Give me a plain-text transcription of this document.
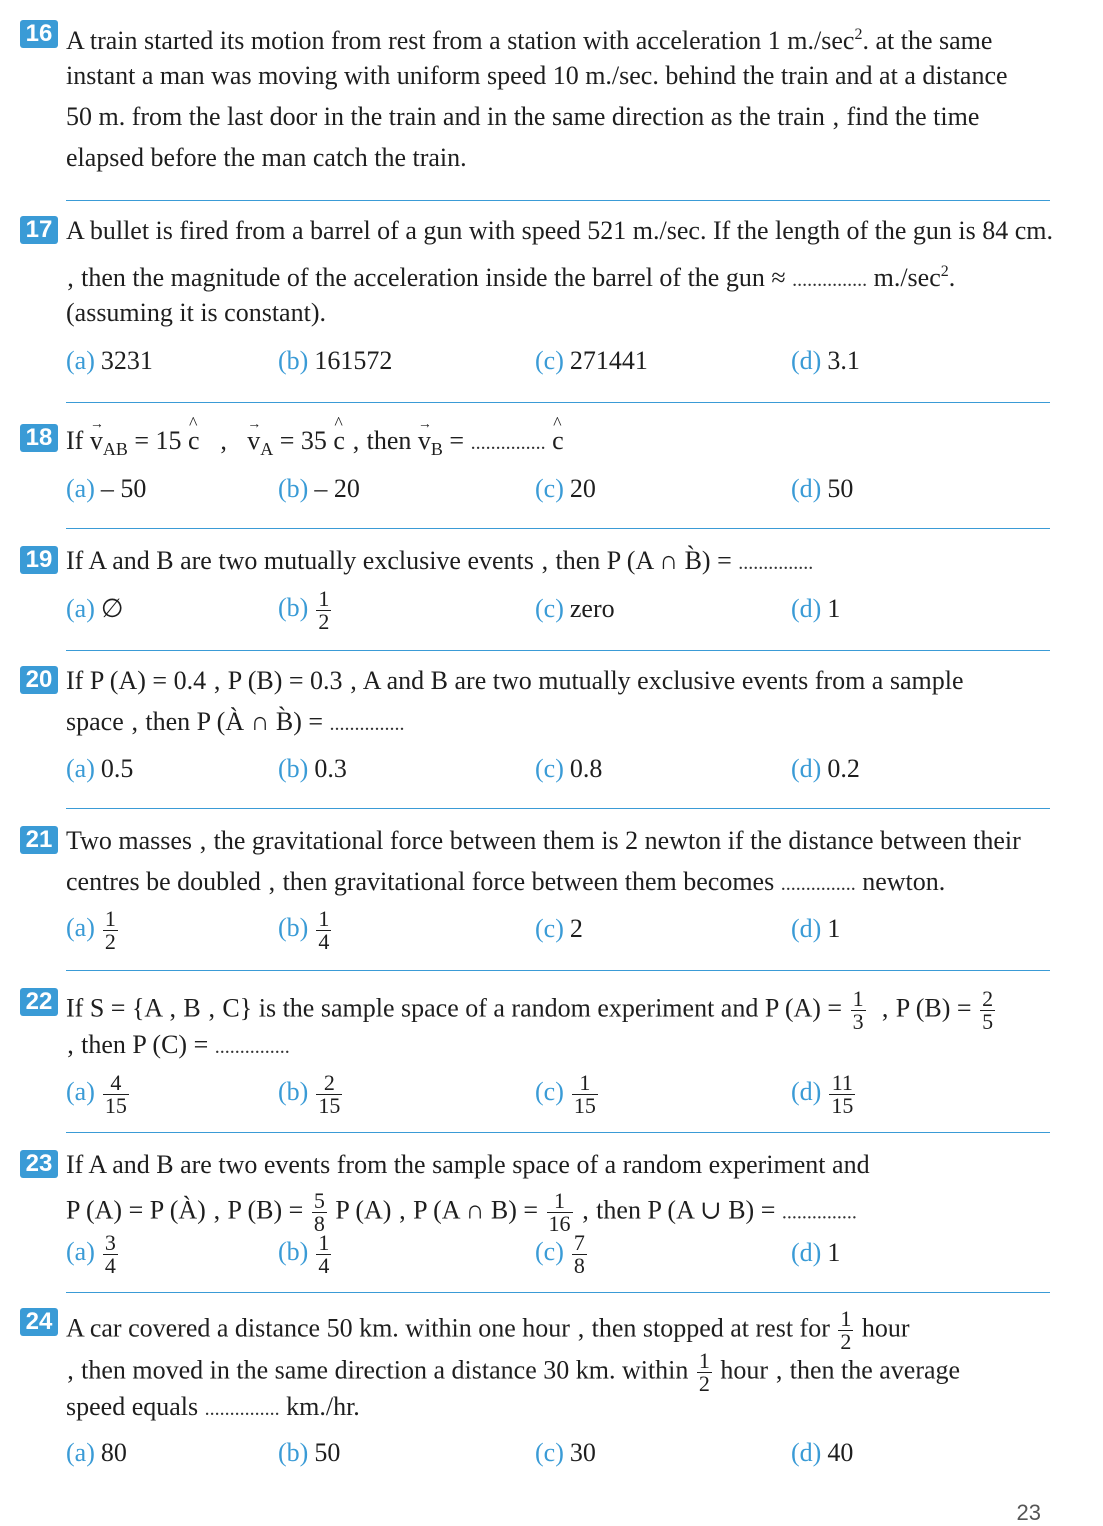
16 A train started its motion from rest from a station with acceleration 1 $m./\sec^2$. at the same
instant a man was moving with uniform speed 10 m./sec. behind the train and at a distance
50 m. from the last door in the train and in the same direction as the train ‚ find the time
elapsed before the man catch the train.
17 A bullet is fired from a barrel of a gun with speed 521 m./sec. If the length of the gun is 84 cm.
‚ then the magnitude of the acceleration inside the barrel of the gun ≈ ............... $m./\sec^2$.
(assuming it is constant).
(a) 3231	(b) 161572	(c) 271441	(d) 3.1
18 $If \to v_{AB} = 15$ ^ c ‚ → $v_A = 35$ ^ c ‚ then → $v_B$ = ............... ^ c
(a) – 50	(b) – 20	(c) 20	(d) 50
19 If A and B are two mutually exclusive events ‚ then P (A ∩ B̀) = ...............
(a) ∅	$(b) \frac{1}{2}$	(c) zero	(d) 1
20 If P (A) = 0.4 ‚ P (B) = 0.3 ‚ A and B are two mutually exclusive events from a sample
space ‚ then P (À ∩ B̀) = ...............
(a) 0.5	(b) 0.3	(c) 0.8	(d) 0.2
21 Two masses ‚ the gravitational force between them is 2 newton if the distance between their
centres be doubled ‚ then gravitational force between them becomes ............... newton.
$(a) \frac{1}{2}$	$(b) \frac{1}{4}$	(c) 2	(d) 1
22 If S = {A ‚ B ‚ C} is the sample space of a random experiment and P $(A) = \frac{1}{3}$ ‚ P $(B) = \frac{2}{5}$
‚ then P (C) = ...............
$(a) \frac{4}{15}$	$(b) \frac{2}{15}$	$(c) \frac{1}{15}$	$(d) \frac{11}{15}$
23 If A and B are two events from the sample space of a random experiment and
P (A) = P (À) ‚ P $(B) = \frac{5}{8}$ P (A) ‚ P (A ∩ $B) = \frac{1}{16}$ ‚ then P (A ∪ B) = ...............
$(a) \frac{3}{4}$	$(b) \frac{1}{4}$	$(c) \frac{7}{8}$	(d) 1
24 A car covered a distance 50 km. within one hour ‚ then stopped at rest for $\frac{1}{2}$ hour
‚ then moved in the same direction a distance 30 km. within $\frac{1}{2}$ hour ‚ then the average
speed equals ............... km./hr.
(a) 80	(b) 50	(c) 30	(d) 40
23
